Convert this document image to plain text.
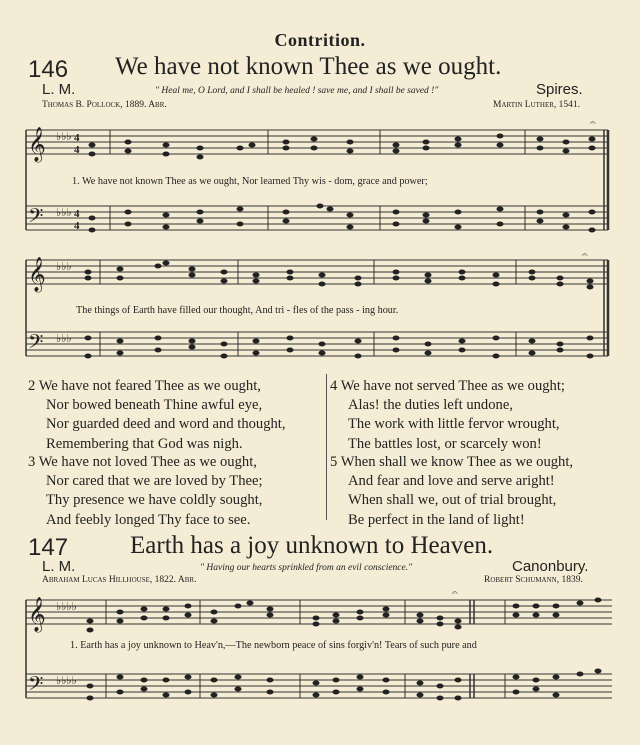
Contrition.
146 We have not known Thee as we ought.
L. M.	Spires.
" Heal me, O Lord, and I shall be healed ! save me, and I shall be saved !"
Thomas B. Pollock, 1889. Abr.	Martin Luther, 1541.
𝄞
𝄢
♭♭♭
♭♭♭
4
4
4
4
𝄐
1. We have not known Thee as we ought, Nor learned Thy wis - dom, grace and power;
𝄞
𝄢
♭♭♭
♭♭♭
𝄐
The things of Earth have filled our thought, And tri - fles of the pass - ing hour.
2 We have not feared Thee as we ought,
Nor bowed beneath Thine awful eye,
Nor guarded deed and word and thought,
Remembering that God was nigh.
3 We have not loved Thee as we ought,
Nor cared that we are loved by Thee;
Thy presence we have coldly sought,
And feebly longed Thy face to see.
4 We have not served Thee as we ought;
Alas! the duties left undone,
The work with little fervor wrought,
The battles lost, or scarcely won!
5 When shall we know Thee as we ought,
And fear and love and serve aright!
When shall we, out of trial brought,
Be perfect in the land of light!
147 Earth has a joy unknown to Heaven.
L. M.	Canonbury.
" Having our hearts sprinkled from an evil conscience."
Abraham Lucas Hillhouse, 1822. Abr.	Robert Schumann, 1839.
𝄞
𝄢
♭♭♭♭
♭♭♭♭
𝄐
1. Earth has a joy unknown to Heav'n,—The newborn peace of sins forgiv'n! Tears of such pure and
